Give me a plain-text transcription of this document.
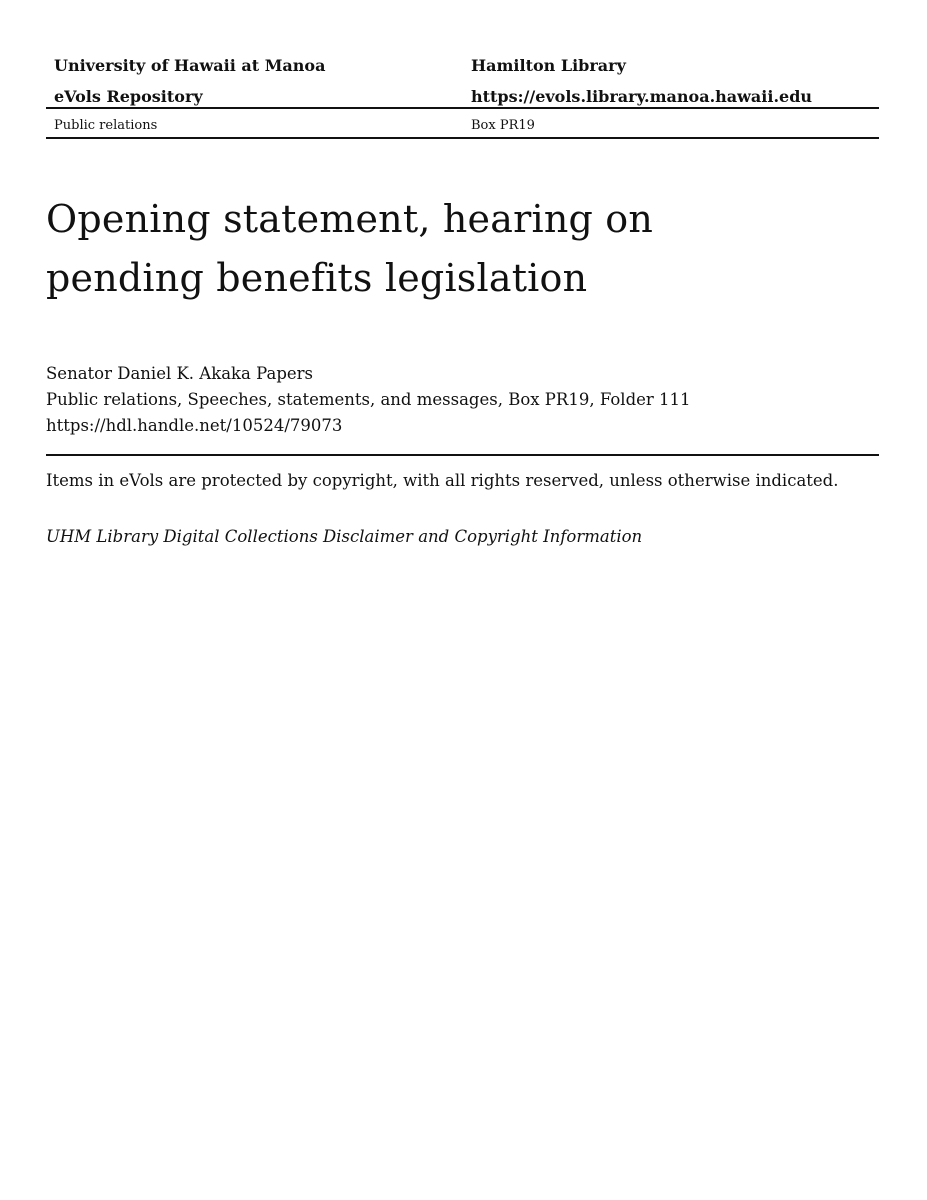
University of Hawaii at Manoa	Hamilton Library
eVols Repository	https://evols.library.manoa.hawaii.edu
Public relations	Box PR19
Opening statement, hearing on pending benefits legislation
Senator Daniel K. Akaka Papers
Public relations, Speeches, statements, and messages, Box PR19, Folder 111
https://hdl.handle.net/10524/79073
Items in eVols are protected by copyright, with all rights reserved, unless otherwise indicated.
UHM Library Digital Collections Disclaimer and Copyright Information
